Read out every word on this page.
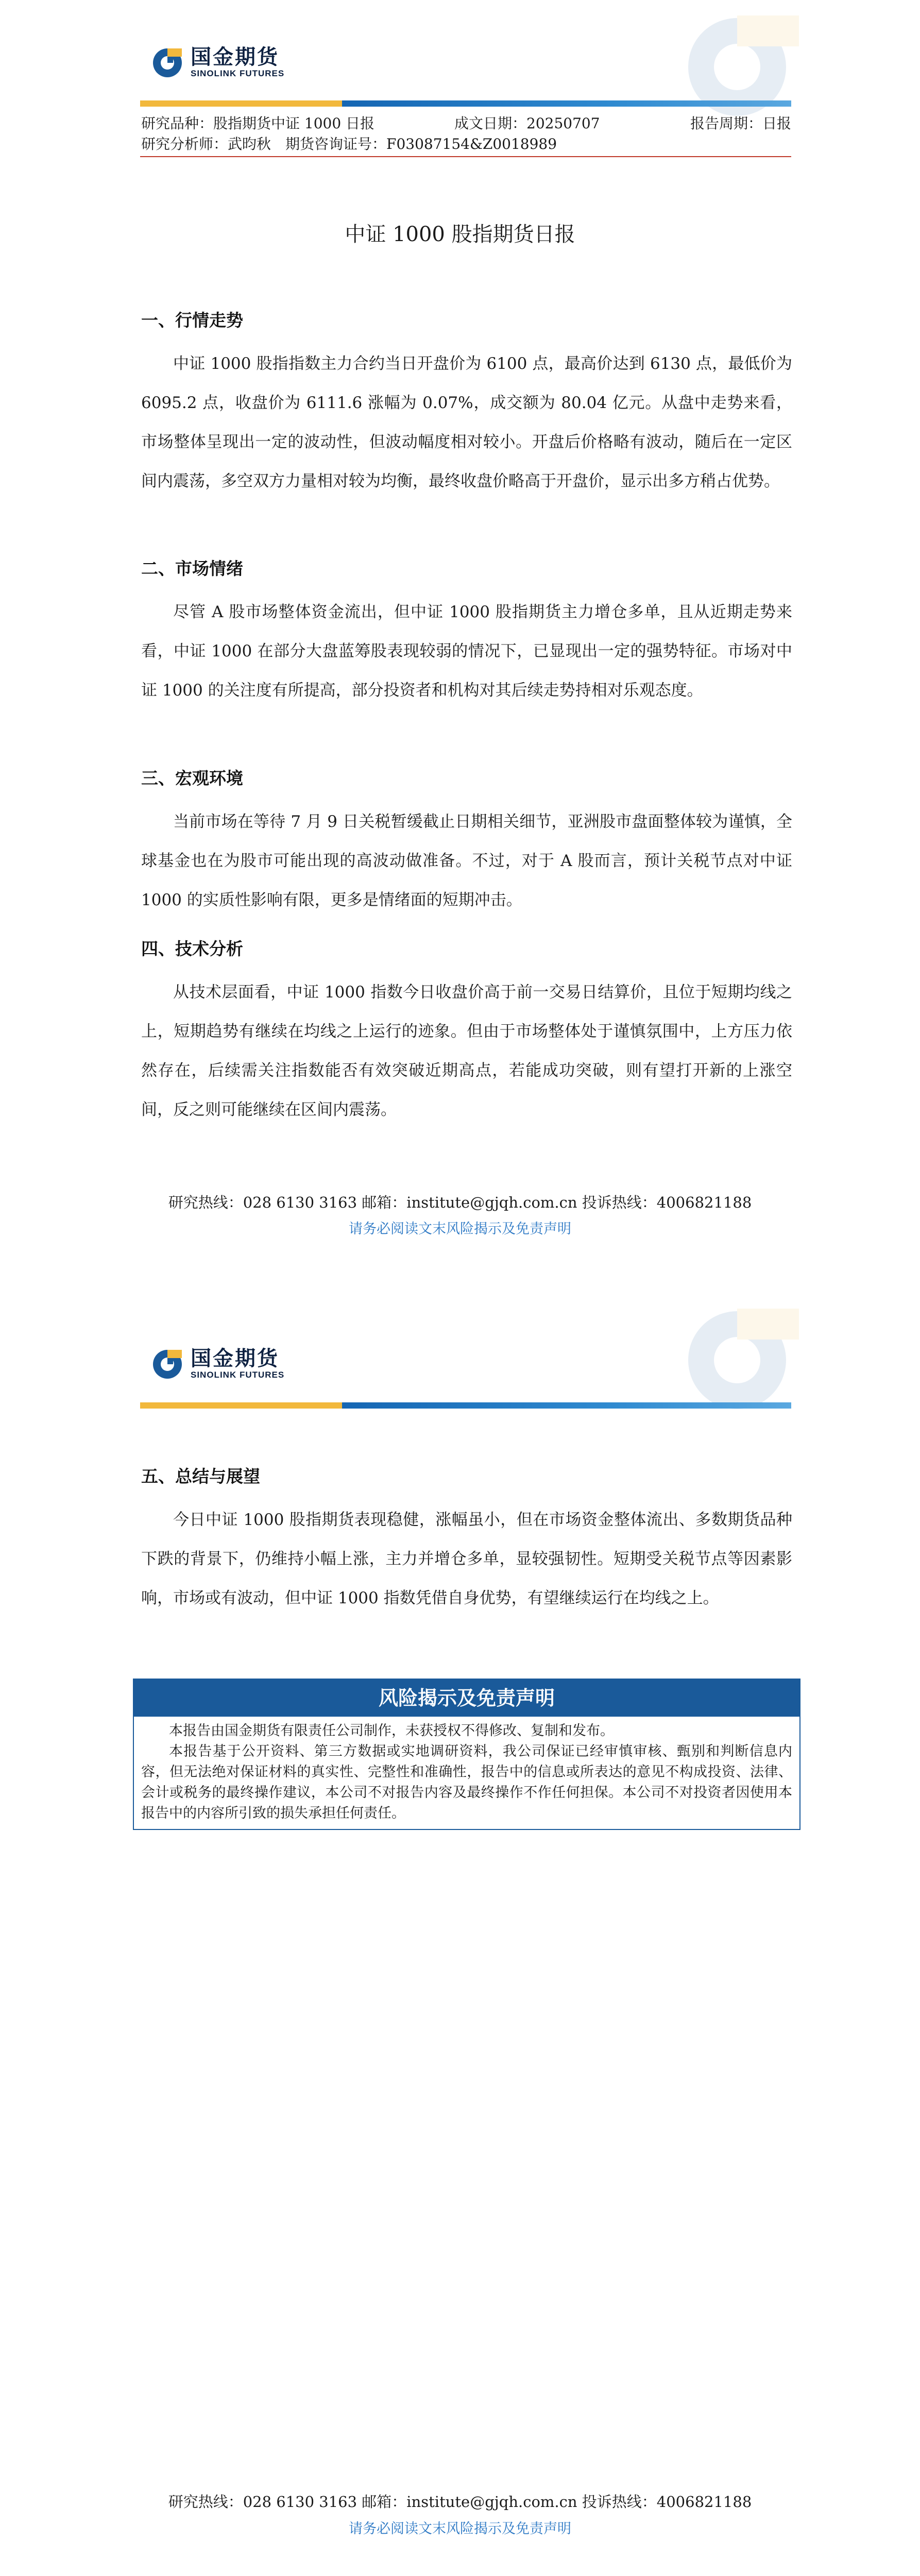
国金期货
SINOLINK FUTURES
研究品种：股指期货中证 1000 日报	成文日期：20250707	报告周期：日报
研究分析师：武昀秋 期货咨询证号：F03087154&Z0018989
中证 1000 股指期货日报
一、行情走势
中证 1000 股指指数主力合约当日开盘价为 6100 点，最高价达到 6130 点，最低价为 6095.2 点，收盘价为 6111.6 涨幅为 0.07%，成交额为 80.04 亿元。从盘中走势来看，市场整体呈现出一定的波动性，但波动幅度相对较小。开盘后价格略有波动，随后在一定区间内震荡，多空双方力量相对较为均衡，最终收盘价略高于开盘价，显示出多方稍占优势。
二、市场情绪
尽管 A 股市场整体资金流出，但中证 1000 股指期货主力增仓多单，且从近期走势来看，中证 1000 在部分大盘蓝筹股表现较弱的情况下，已显现出一定的强势特征。市场对中证 1000 的关注度有所提高，部分投资者和机构对其后续走势持相对乐观态度。
三、宏观环境
当前市场在等待 7 月 9 日关税暂缓截止日期相关细节，亚洲股市盘面整体较为谨慎，全球基金也在为股市可能出现的高波动做准备。不过，对于 A 股而言，预计关税节点对中证 1000 的实质性影响有限，更多是情绪面的短期冲击。
四、技术分析
从技术层面看，中证 1000 指数今日收盘价高于前一交易日结算价，且位于短期均线之上，短期趋势有继续在均线之上运行的迹象。但由于市场整体处于谨慎氛围中，上方压力依然存在，后续需关注指数能否有效突破近期高点，若能成功突破，则有望打开新的上涨空间，反之则可能继续在区间内震荡。
研究热线：028 6130 3163 邮箱：institute@gjqh.com.cn 投诉热线：4006821188
请务必阅读文末风险揭示及免责声明
国金期货
SINOLINK FUTURES
五、总结与展望
今日中证 1000 股指期货表现稳健，涨幅虽小，但在市场资金整体流出、多数期货品种下跌的背景下，仍维持小幅上涨，主力并增仓多单，显较强韧性。短期受关税节点等因素影响，市场或有波动，但中证 1000 指数凭借自身优势，有望继续运行在均线之上。
风险揭示及免责声明
本报告由国金期货有限责任公司制作，未获授权不得修改、复制和发布。
本报告基于公开资料、第三方数据或实地调研资料，我公司保证已经审慎审核、甄别和判断信息内容，但无法绝对保证材料的真实性、完整性和准确性，报告中的信息或所表达的意见不构成投资、法律、会计或税务的最终操作建议，本公司不对报告内容及最终操作不作任何担保。本公司不对投资者因使用本报告中的内容所引致的损失承担任何责任。
研究热线：028 6130 3163 邮箱：institute@gjqh.com.cn 投诉热线：4006821188
请务必阅读文末风险揭示及免责声明
